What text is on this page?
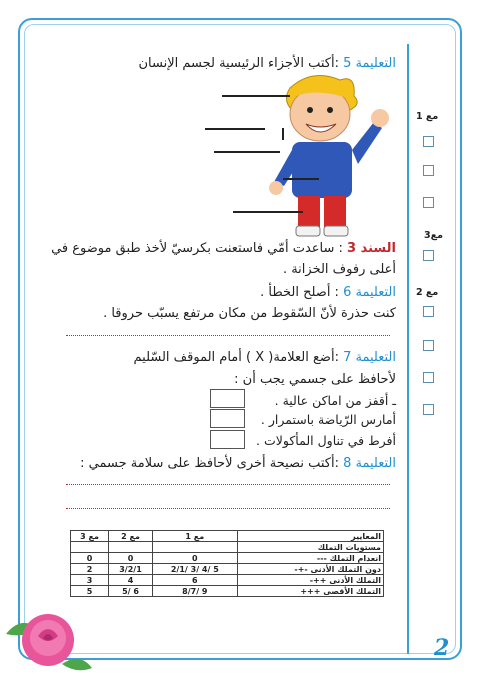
التعليمة 5 :أكتب الأجزاء الرئيسية لجسم الإنسان
السند 3 : ساعدت أمّي فاستعنت بكرسيّ لأخذ طبق موضوع في
أعلى رفوف الخزانة .
التعليمة 6 : أصلح الخطأ .
كنت حذرة لأنّ السّقوط من مكان مرتفع يسبّب حروقا .
التعليمة 7 :أضع العلامة( X ) أمام الموقف السّليم
لأحافظ على جسمي يجب أن :
ـ أقفز من اماكن عالية .
أمارس الرّياضة باستمرار .
أفرط في تناول المأكولات .
التعليمة 8 :أكتب نصيحة أخرى لأحافظ على سلامة جسمي :
مع 1
مع3
مع 2
المعايير	مع 1	مع 2	مع 3
مستويات التملك			
انعدام التملك ---	0	0	0
دون التملك الأدنى -+-	5 /4 /3 /2/1	3/2/1	2
التملك الأدنى ++-	6	4	3
التملك الأقصى +++	9 /8/7	6 /5	5
2
